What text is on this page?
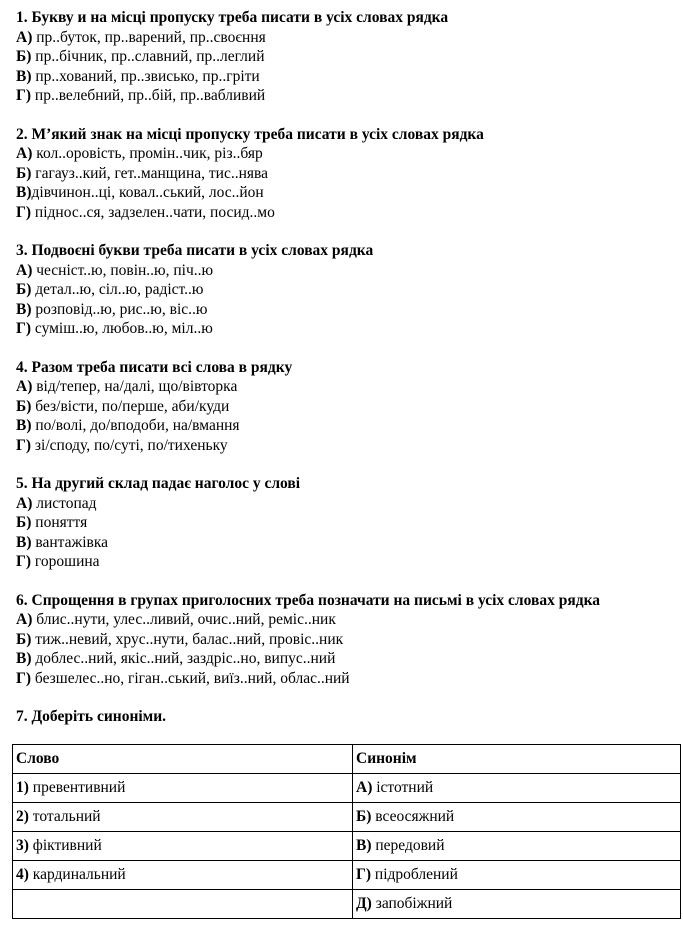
1. Букву и на місці пропуску треба писати в усіх словах рядка
А) пр..буток, пр..варений, пр..своєння
Б) пр..бічник, пр..славний, пр..леглий
В) пр..хований, пр..звисько, пр..гріти
Г) пр..велебний, пр..бій, пр..вабливий
2. М’який знак на місці пропуску треба писати в усіх словах рядка
А) кол..оровість, промін..чик, різ..бяр
Б) гагауз..кий, гет..манщина, тис..нява
В)дівчинон..ці, ковал..ський, лос..йон
Г) піднос..ся, задзелен..чати, посид..мо
3. Подвоєні букви треба писати в усіх словах рядка
А) чесніст..ю, повін..ю, піч..ю
Б) детал..ю, сіл..ю, радіст..ю
В) розповід..ю, рис..ю, віс..ю
Г) суміш..ю, любов..ю, міл..ю
4. Разом треба писати всі слова в рядку
А) від/тепер, на/далі, що/вівторка
Б) без/вісти, по/перше, аби/куди
В) по/волі, до/вподоби, на/вмання
Г) зі/споду, по/суті, по/тихеньку
5. На другий склад падає наголос у слові
А) листопад
Б) поняття
В) вантажівка
Г) горошина
6. Спрощення в групах приголосних треба позначати на письмі в усіх словах рядка
А) блис..нути, улес..ливий, очис..ний, реміс..ник
Б) тиж..невий, хрус..нути, балас..ний, провіс..ник
В) доблес..ний, якіс..ний, заздріс..но, випус..ний
Г) безшелес..но, гіган..ський, виїз..ний, облас..ний
7. Доберіть синоніми.
Слово	Синонім
1) превентивний	А) істотний
2) тотальний	Б) всеосяжний
3) фіктивний	В) передовий
4) кардинальний	Г) підроблений
	Д) запобіжний
